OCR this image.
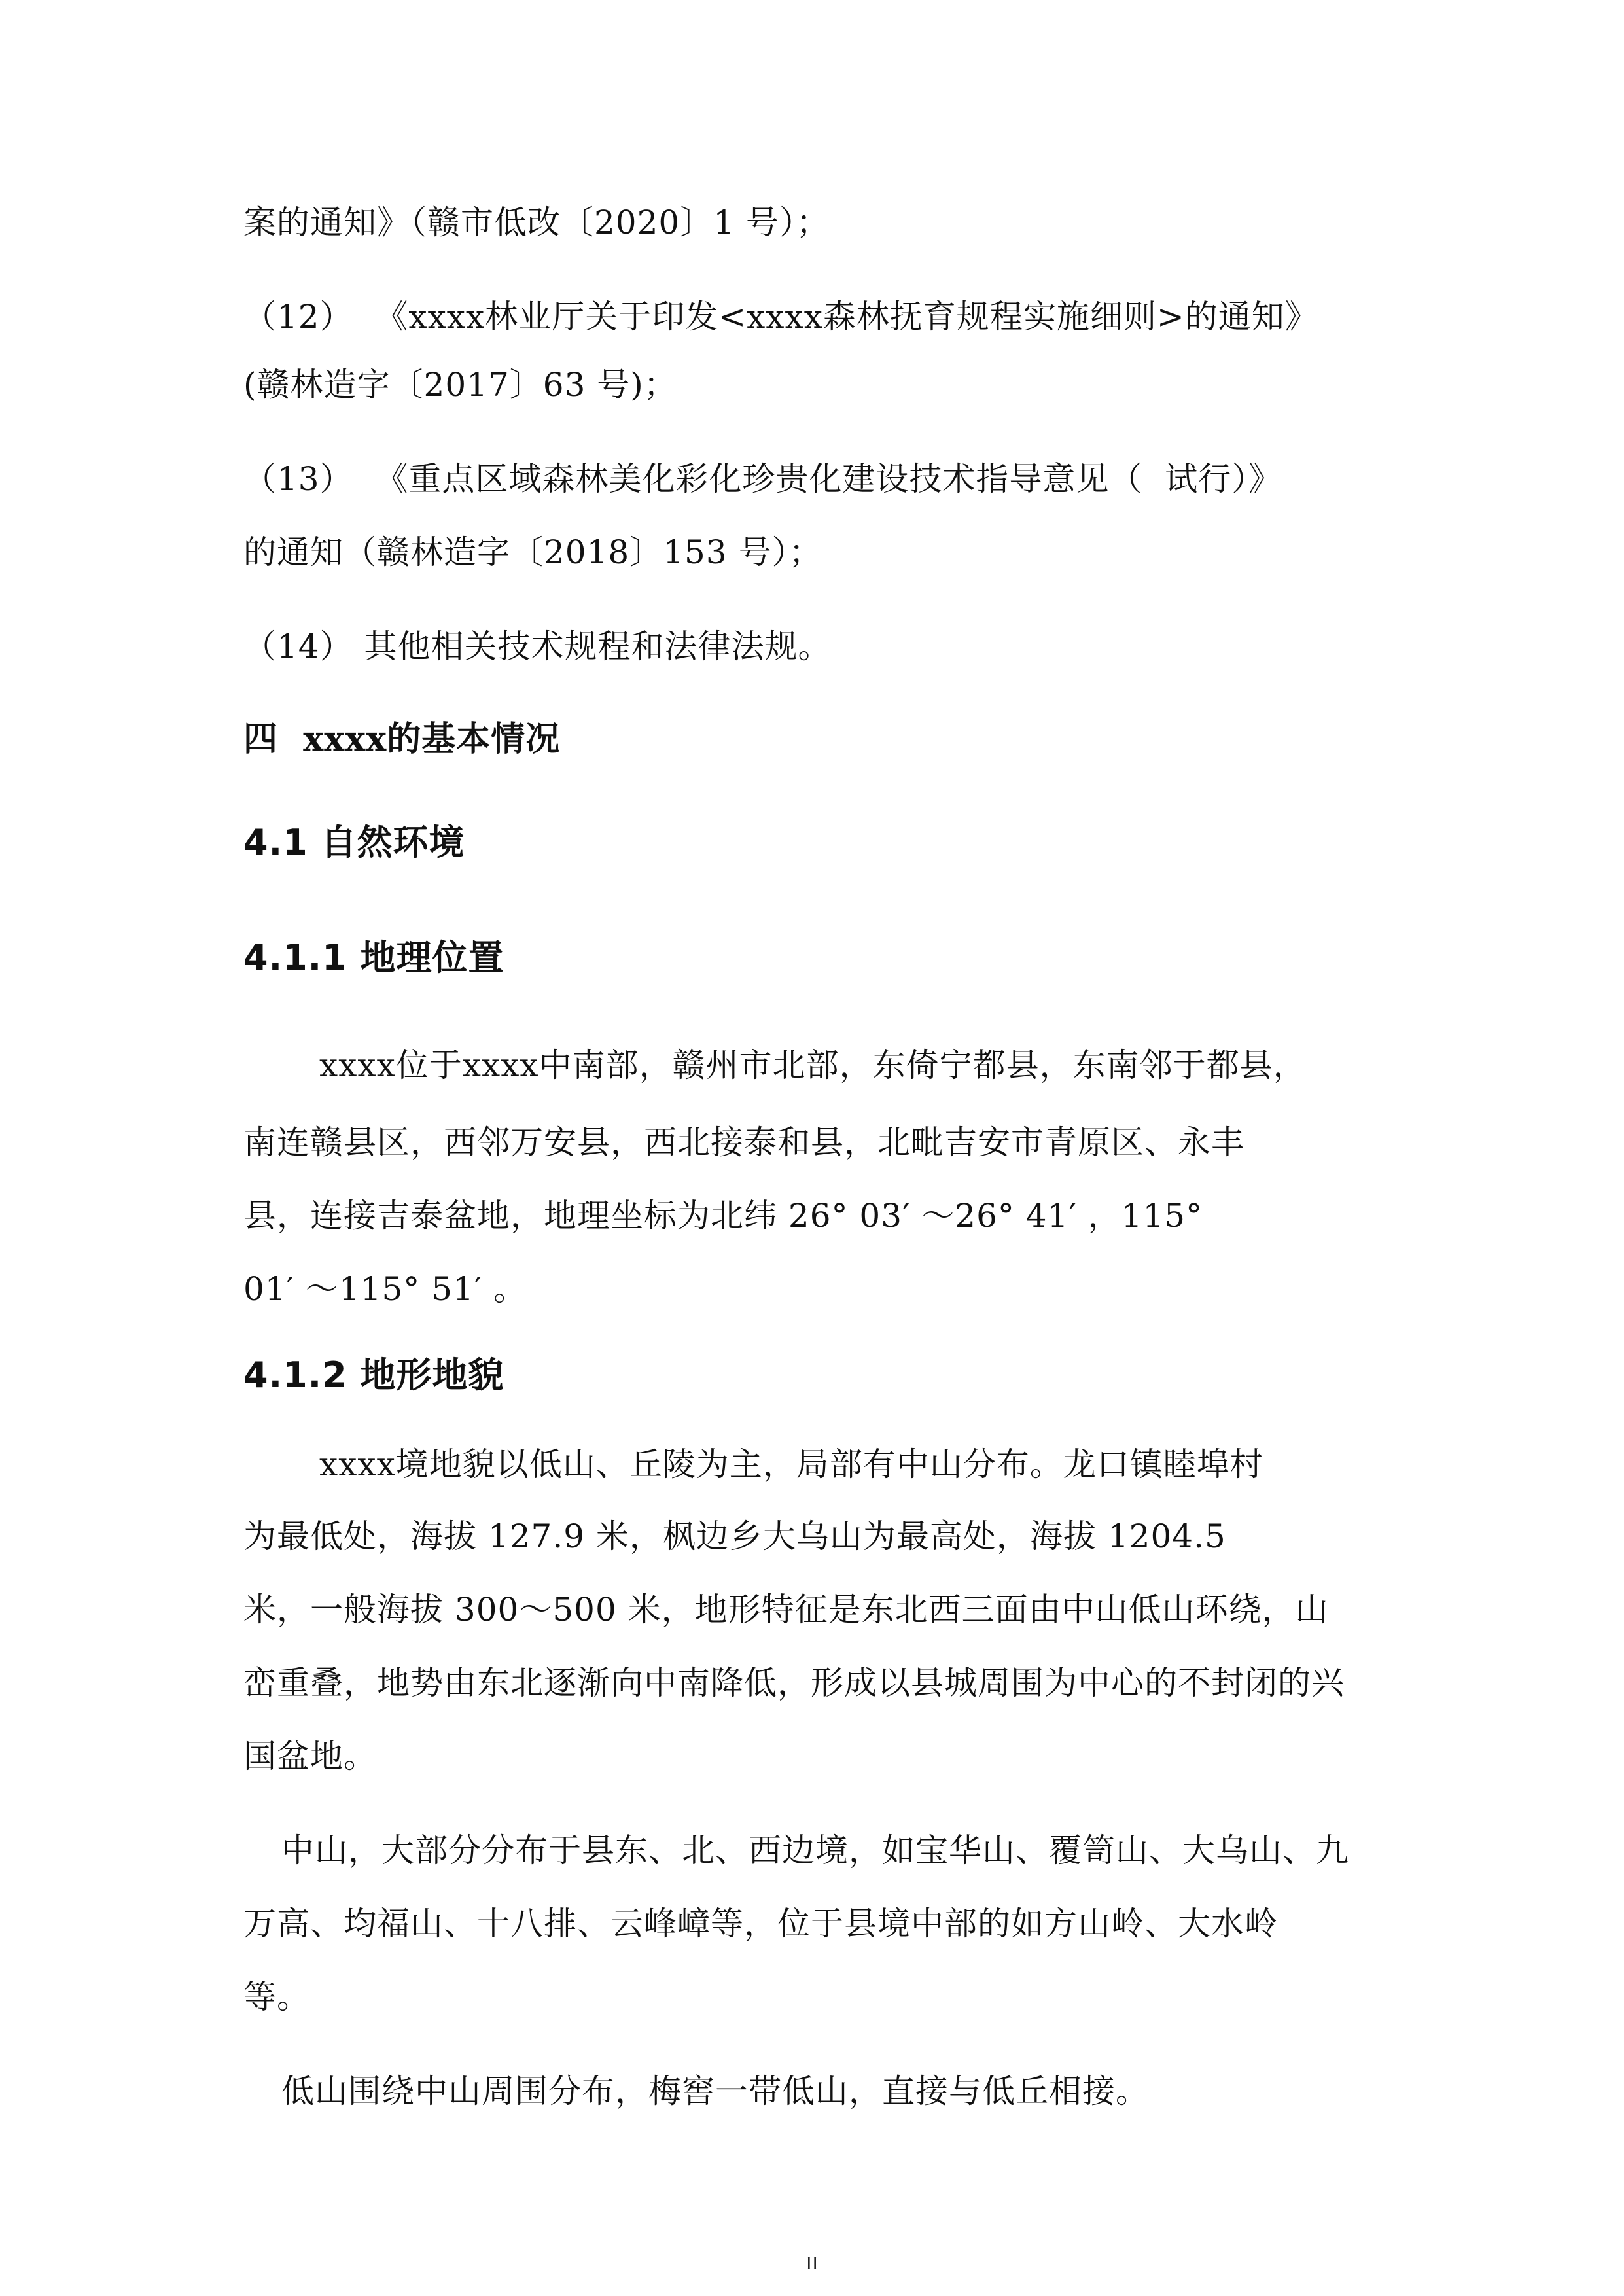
案的通知》（赣市低改〔2020〕1 号）；
（12）  《xxxx林业厅关于印发<xxxx森林抚育规程实施细则>的通知》
(赣林造字〔2017〕63 号)；
（13）  《重点区域森林美化彩化珍贵化建设技术指导意见（  试行）》
的通知（赣林造字〔2018〕153 号）；
（14） 其他相关技术规程和法律法规。
四  xxxx的基本情况
4.1 自然环境
4.1.1 地理位置
xxxx位于xxxx中南部，赣州市北部，东倚宁都县，东南邻于都县，
南连赣县区，西邻万安县，西北接泰和县，北毗吉安市青原区、永丰
县，连接吉泰盆地，地理坐标为北纬 26° 03′ ～26° 41′ ，115°
01′ ～115° 51′ 。
4.1.2 地形地貌
xxxx境地貌以低山、丘陵为主，局部有中山分布。龙口镇睦埠村
为最低处，海拔 127.9 米，枫边乡大乌山为最高处，海拔 1204.5
米，一般海拔 300～500 米，地形特征是东北西三面由中山低山环绕，山
峦重叠，地势由东北逐渐向中南降低，形成以县城周围为中心的不封闭的兴
国盆地。
中山，大部分分布于县东、北、西边境，如宝华山、覆笥山、大乌山、九
万高、均福山、十八排、云峰嶂等，位于县境中部的如方山岭、大水岭
等。
低山围绕中山周围分布，梅窖一带低山，直接与低丘相接。
II
